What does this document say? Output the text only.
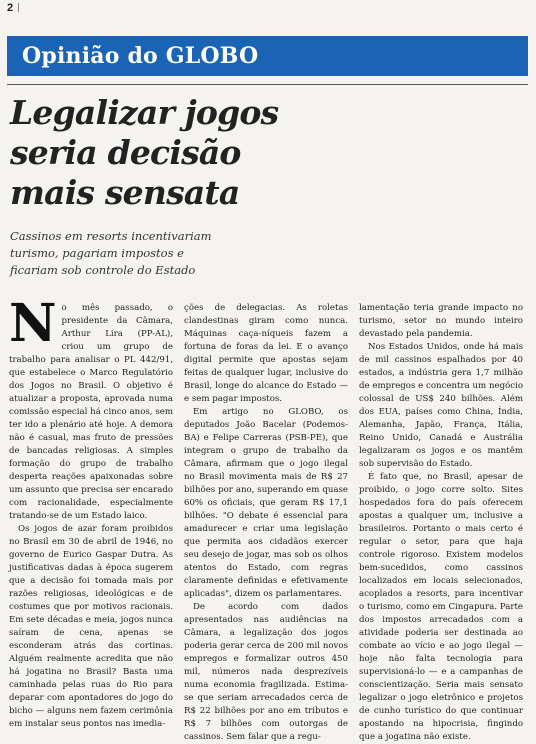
2
Opinião do GLOBO
Legalizar jogos
seria decisão
mais sensata

Cassinos em resorts incentivariam
turismo, pagariam impostos e
ficariam sob controle do Estado

No mês passado, o presidente da Câmara, Arthur Lira (PP-AL), criou um grupo de trabalho para analisar o PL 442/91, que estabelece o Marco Regulatório dos Jogos no Brasil. O objetivo é atualizar a proposta, aprovada numa comissão especial há cinco anos, sem ter ido a plenário até hoje. A demora não é casual, mas fruto de pressões de bancadas religiosas. A simples formação do grupo de trabalho desperta reações apaixonadas sobre um assunto que precisa ser encarado com racionalidade, especialmente tratando-se de um Estado laico.

Os jogos de azar foram proibidos no Brasil em 30 de abril de 1946, no governo de Eurico Gaspar Dutra. As justificativas dadas à época sugerem que a decisão foi tomada mais por razões religiosas, ideológicas e de costumes que por motivos racionais. Em sete décadas e meia, jogos nunca saíram de cena, apenas se esconderam atrás das cortinas. Alguém realmente acredita que não há jogatina no Brasil? Basta uma caminhada pelas ruas do Rio para deparar com apontadores do jogo do bicho — alguns nem fazem cerimônia em instalar seus pontos nas imedia-

ções de delegacias. As roletas clandestinas giram como nunca. Máquinas caça-níqueis fazem a fortuna de foras da lei. E o avanço digital permite que apostas sejam feitas de qualquer lugar, inclusive do Brasil, longe do alcance do Estado — e sem pagar impostos.

Em artigo no GLOBO, os deputados João Bacelar (Podemos-BA) e Felipe Carreras (PSB-PE), que integram o grupo de trabalho da Câmara, afirmam que o jogo ilegal no Brasil movimenta mais de R$ 27 bilhões por ano, superando em quase 60% os oficiais, que geram R$ 17,1 bilhões. "O debate é essencial para amadurecer e criar uma legislação que permita aos cidadãos exercer seu desejo de jogar, mas sob os olhos atentos do Estado, com regras claramente definidas e efetivamente aplicadas", dizem os parlamentares.

De acordo com dados apresentados nas audiências na Câmara, a legalização dos jogos poderia gerar cerca de 200 mil novos empregos e formalizar outros 450 mil, números nada desprezíveis numa economia fragilizada. Estima-se que seriam arrecadados cerca de R$ 22 bilhões por ano em tributos e R$ 7 bilhões com outorgas de cassinos. Sem falar que a regu-

lamentação teria grande impacto no turismo, setor no mundo inteiro devastado pela pandemia.

Nos Estados Unidos, onde há mais de mil cassinos espalhados por 40 estados, a indústria gera 1,7 milhão de empregos e concentra um negócio colossal de US$ 240 bilhões. Além dos EUA, países como China, Índia, Alemanha, Japão, França, Itália, Reino Unido, Canadá e Austrália legalizaram os jogos e os mantêm sob supervisão do Estado.

É fato que, no Brasil, apesar de proibido, o jogo corre solto. Sites hospedados fora do país oferecem apostas a qualquer um, inclusive a brasileiros. Portanto o mais certo é regular o setor, para que haja controle rigoroso. Existem modelos bem-sucedidos, como cassinos localizados em locais selecionados, acoplados a resorts, para incentivar o turismo, como em Cingapura. Parte dos impostos arrecadados com a atividade poderia ser destinada ao combate ao vício e ao jogo ilegal — hoje não falta tecnologia para supervisioná-lo — e a campanhas de conscientização. Seria mais sensato legalizar o jogo eletrônico e projetos de cunho turístico do que continuar apostando na hipocrisia, fingindo que a jogatina não existe.
